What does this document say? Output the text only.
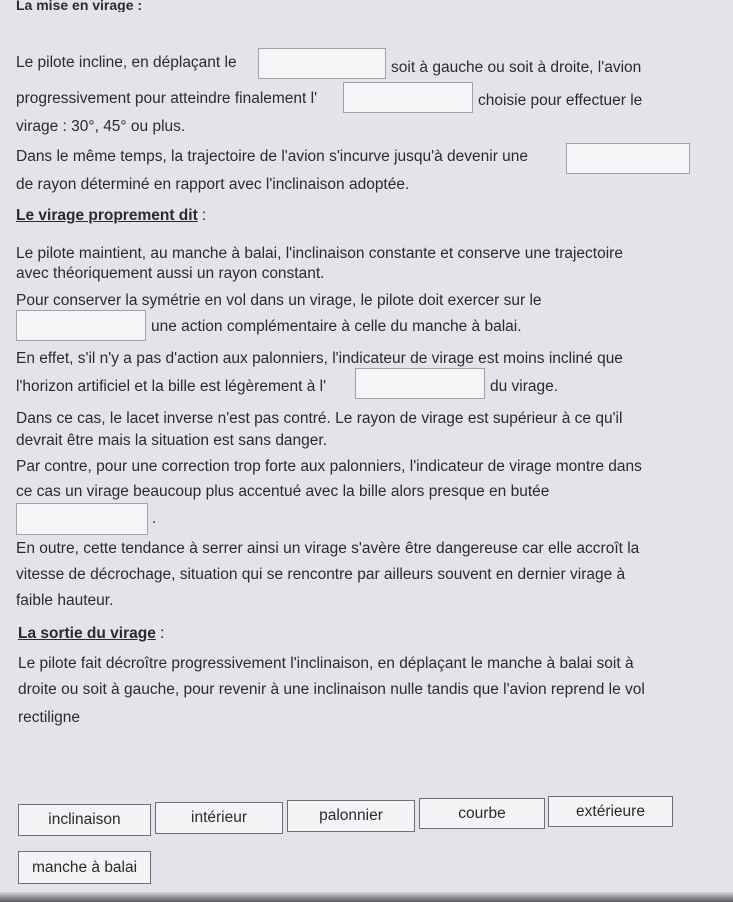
La mise en virage :
Le pilote incline, en déplaçant le	soit à gauche ou soit à droite, l'avion
progressivement pour atteindre finalement l'	choisie pour effectuer le
virage : 30°, 45° ou plus.
Dans le même temps, la trajectoire de l'avion s'incurve jusqu'à devenir une
de rayon déterminé en rapport avec l'inclinaison adoptée.
Le virage proprement dit :
Le pilote maintient, au manche à balai, l'inclinaison constante et conserve une trajectoire
avec théoriquement aussi un rayon constant.
Pour conserver la symétrie en vol dans un virage, le pilote doit exercer sur le
une action complémentaire à celle du manche à balai.
En effet, s'il n'y a pas d'action aux palonniers, l'indicateur de virage est moins incliné que
l'horizon artificiel et la bille est légèrement à l'	du virage.
Dans ce cas, le lacet inverse n'est pas contré. Le rayon de virage est supérieur à ce qu'il
devrait être mais la situation est sans danger.
Par contre, pour une correction trop forte aux palonniers, l'indicateur de virage montre dans
ce cas un virage beaucoup plus accentué avec la bille alors presque en butée
.
En outre, cette tendance à serrer ainsi un virage s'avère être dangereuse car elle accroît la
vitesse de décrochage, situation qui se rencontre par ailleurs souvent en dernier virage à
faible hauteur.
La sortie du virage :
Le pilote fait décroître progressivement l'inclinaison, en déplaçant le manche à balai soit à
droite ou soit à gauche, pour revenir à une inclinaison nulle tandis que l'avion reprend le vol
rectiligne
inclinaison	intérieur	palonnier	courbe	extérieure
manche à balai
